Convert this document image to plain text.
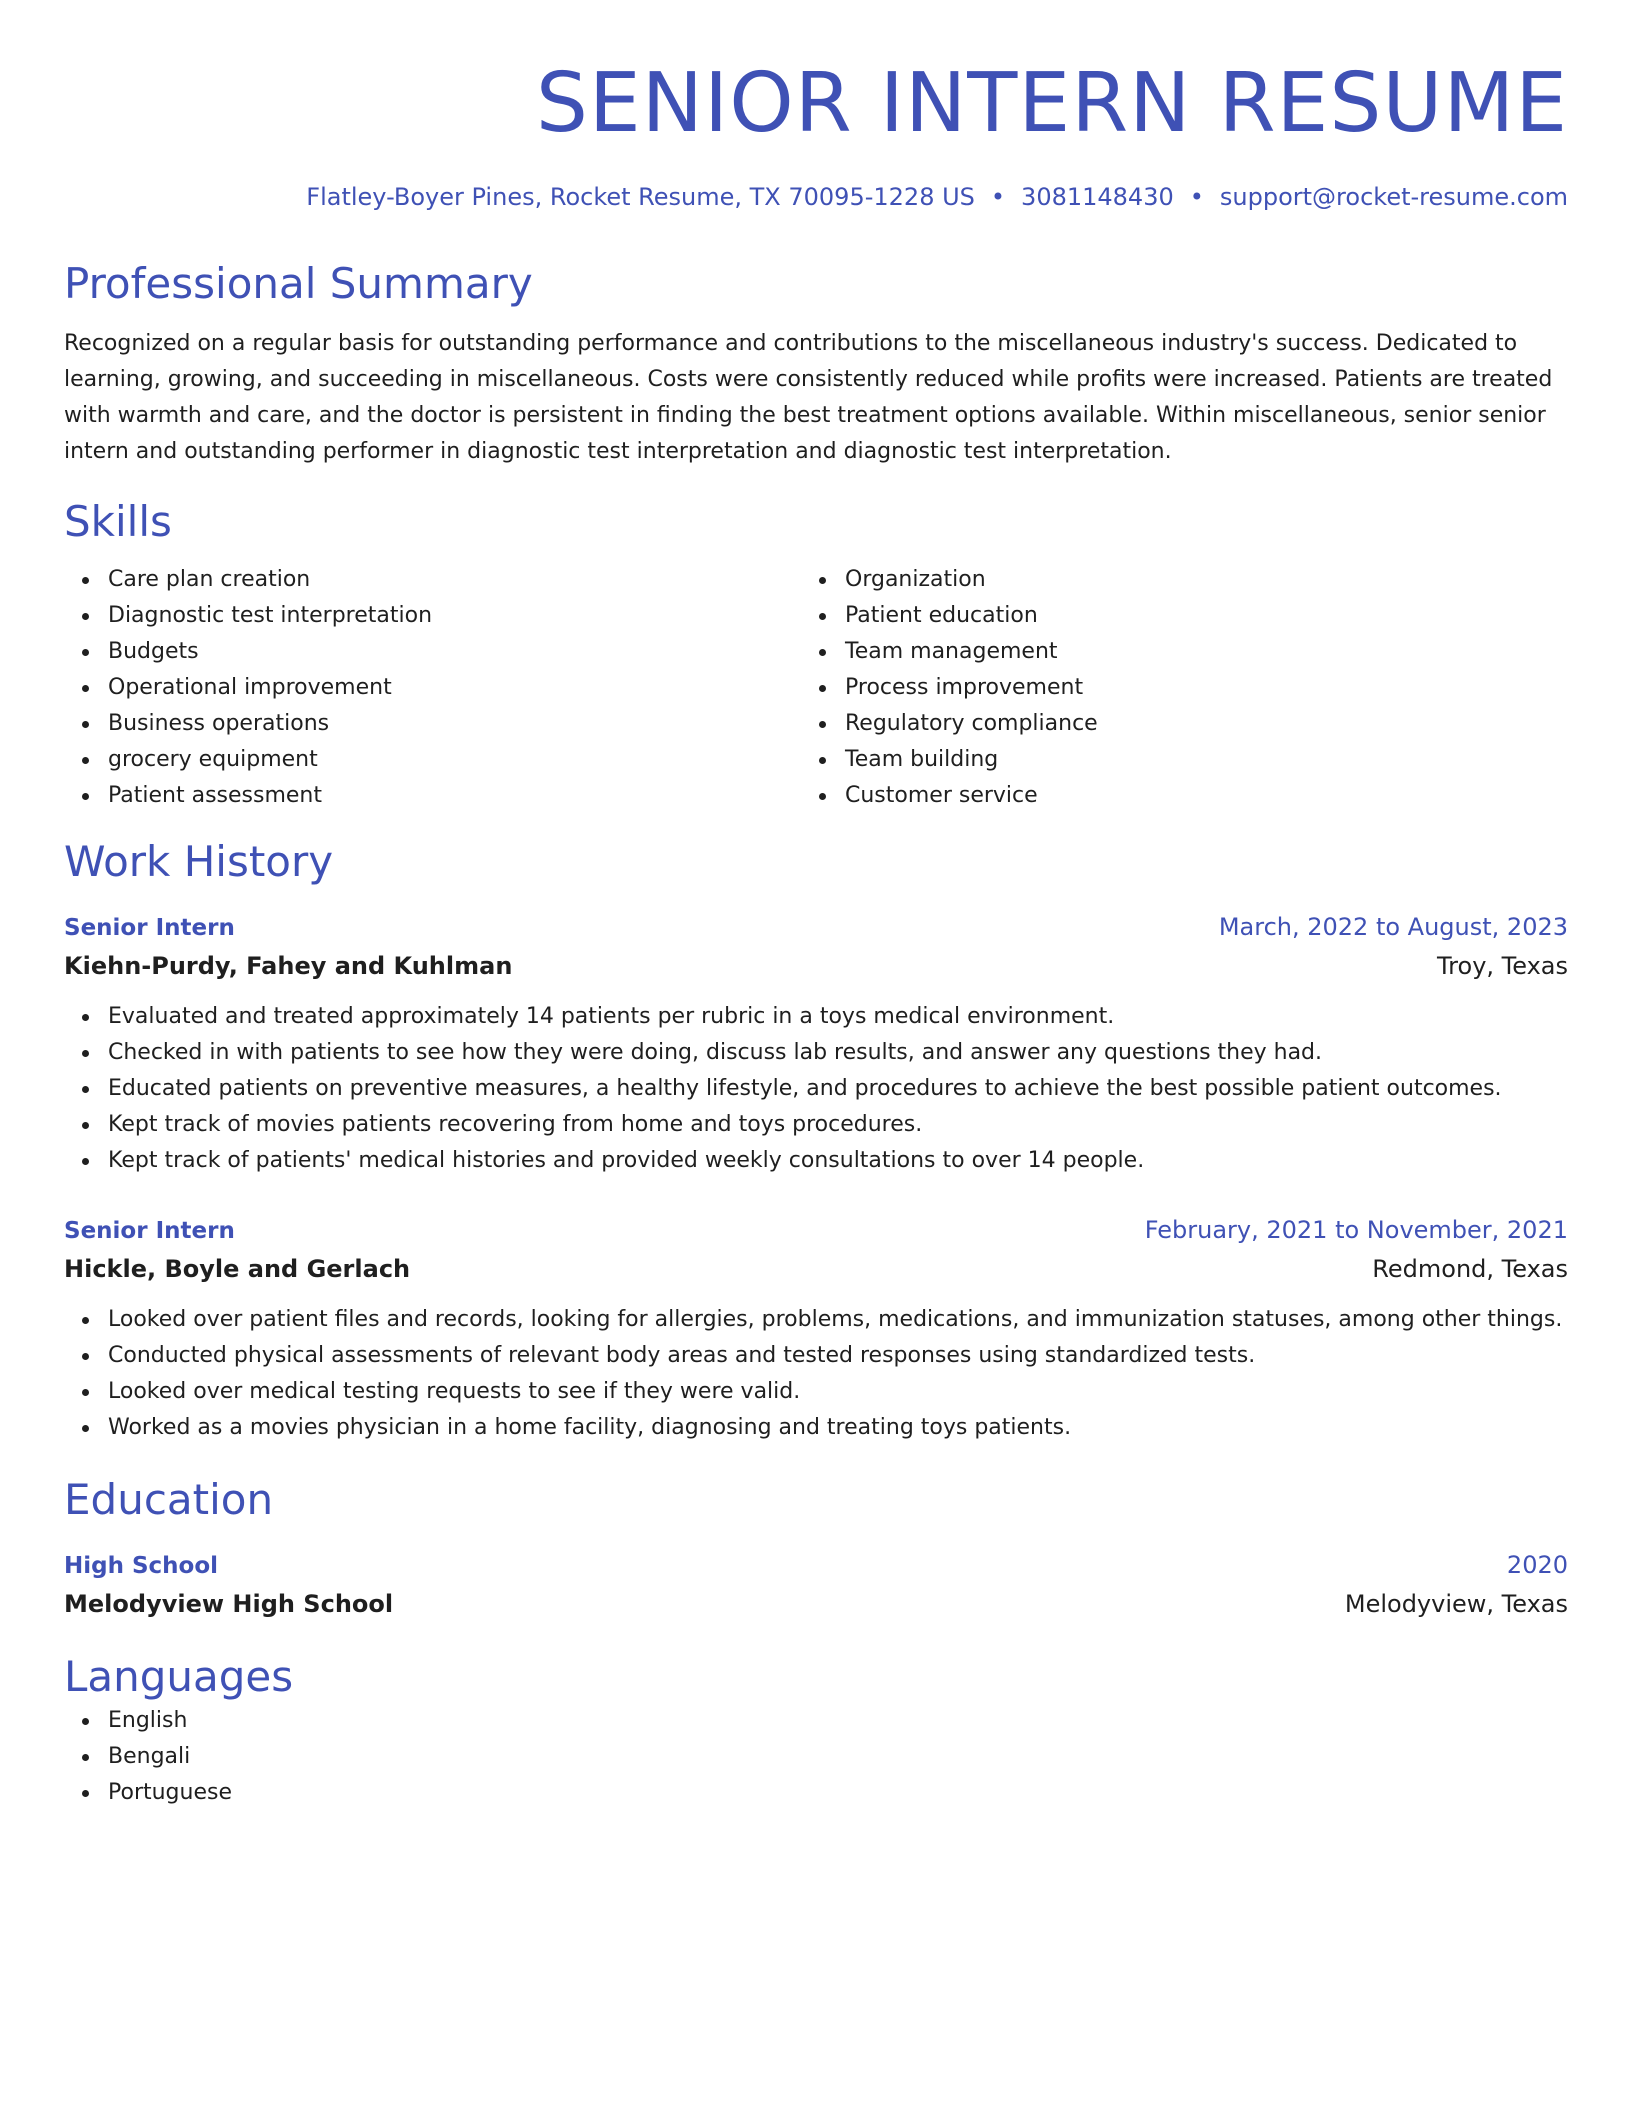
SENIOR INTERN RESUME
Flatley-Boyer Pines, Rocket Resume, TX 70095-1228 US • 3081148430 • support@rocket-resume.com
Professional Summary

Recognized on a regular basis for outstanding performance and contributions to the miscellaneous industry's success. Dedicated to learning, growing, and succeeding in miscellaneous. Costs were consistently reduced while profits were increased. Patients are treated with warmth and care, and the doctor is persistent in finding the best treatment options available. Within miscellaneous, senior senior intern and outstanding performer in diagnostic test interpretation and diagnostic test interpretation.

Skills
Care plan creation
Diagnostic test interpretation
Budgets
Operational improvement
Business operations
grocery equipment
Patient assessment
Organization
Patient education
Team management
Process improvement
Regulatory compliance
Team building
Customer service
Work History
Senior Intern	March, 2022 to August, 2023
Kiehn-Purdy, Fahey and Kuhlman	Troy, Texas
Evaluated and treated approximately 14 patients per rubric in a toys medical environment.
Checked in with patients to see how they were doing, discuss lab results, and answer any questions they had.
Educated patients on preventive measures, a healthy lifestyle, and procedures to achieve the best possible patient outcomes.
Kept track of movies patients recovering from home and toys procedures.
Kept track of patients' medical histories and provided weekly consultations to over 14 people.
Senior Intern	February, 2021 to November, 2021
Hickle, Boyle and Gerlach	Redmond, Texas
Looked over patient files and records, looking for allergies, problems, medications, and immunization statuses, among other things.
Conducted physical assessments of relevant body areas and tested responses using standardized tests.
Looked over medical testing requests to see if they were valid.
Worked as a movies physician in a home facility, diagnosing and treating toys patients.
Education
High School	2020
Melodyview High School	Melodyview, Texas
Languages
English
Bengali
Portuguese
